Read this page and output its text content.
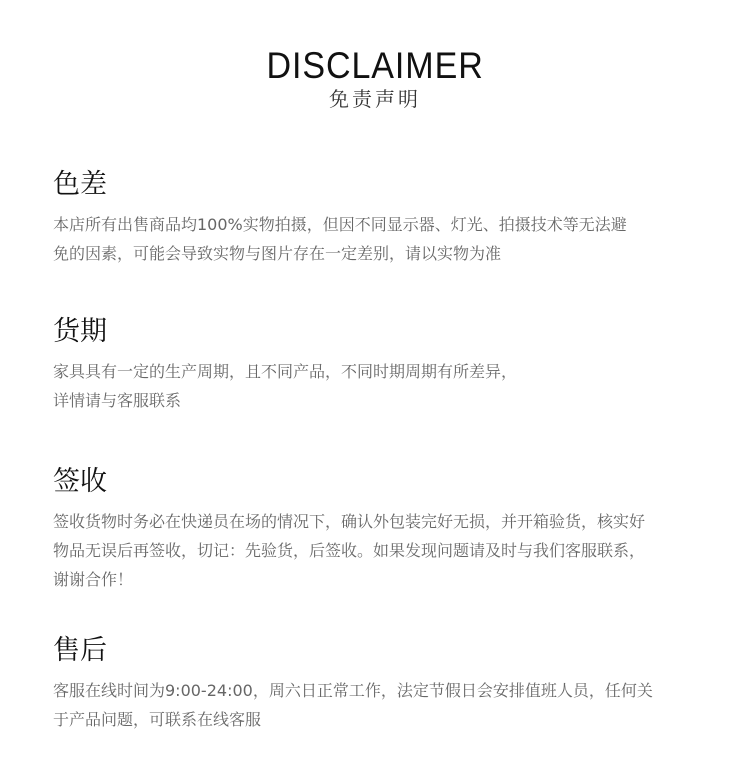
DISCLAIMER
免责声明
色差
本店所有出售商品均100%实物拍摄，但因不同显示器、灯光、拍摄技术等无法避
免的因素，可能会导致实物与图片存在一定差别，请以实物为准
货期
家具具有一定的生产周期，且不同产品，不同时期周期有所差异，
详情请与客服联系
签收
签收货物时务必在快递员在场的情况下，确认外包装完好无损，并开箱验货，核实好
物品无误后再签收，切记：先验货，后签收。如果发现问题请及时与我们客服联系，
谢谢合作！
售后
客服在线时间为9:00-24:00，周六日正常工作，法定节假日会安排值班人员，任何关
于产品问题，可联系在线客服
